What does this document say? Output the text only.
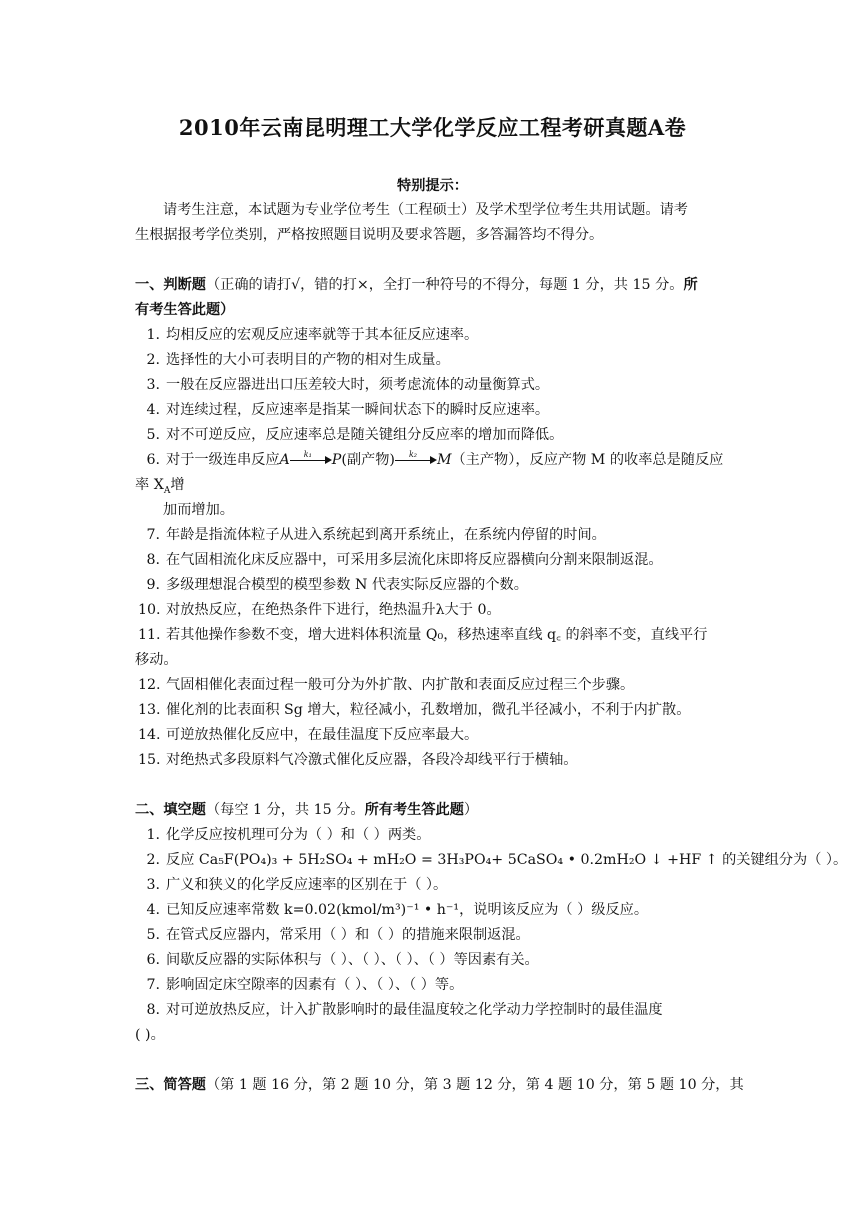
2010年云南昆明理工大学化学反应工程考研真题A卷
特别提示：
请考生注意，本试题为专业学位考生（工程硕士）及学术型学位考生共用试题。请考
生根据报考学位类别，严格按照题目说明及要求答题，多答漏答均不得分。
一、判断题（正确的请打√，错的打×，全打一种符号的不得分，每题 1 分，共 15 分。所
有考生答此题）
1. 均相反应的宏观反应速率就等于其本征反应速率。
2. 选择性的大小可表明目的产物的相对生成量。
3. 一般在反应器进出口压差较大时，须考虑流体的动量衡算式。
4. 对连续过程，反应速率是指某一瞬间状态下的瞬时反应速率。
5. 对不可逆反应，反应速率总是随关键组分反应率的增加而降低。
6. 对于一级连串反应A k₁ P(副产物) k₂ M（主产物），反应产物 M 的收率总是随反应
率 $X_A$增
加而增加。
7. 年龄是指流体粒子从进入系统起到离开系统止，在系统内停留的时间。
8. 在气固相流化床反应器中，可采用多层流化床即将反应器横向分割来限制返混。
9. 多级理想混合模型的模型参数 N 代表实际反应器的个数。
10. 对放热反应，在绝热条件下进行，绝热温升λ大于 0。
11. 若其他操作参数不变，增大进料体积流量 Q₀，移热速率直线 q꜀ 的斜率不变，直线平行
移动。
12. 气固相催化表面过程一般可分为外扩散、内扩散和表面反应过程三个步骤。
13. 催化剂的比表面积 Sg 增大，粒径减小，孔数增加，微孔半径减小，不利于内扩散。
14. 可逆放热催化反应中，在最佳温度下反应率最大。
15. 对绝热式多段原料气冷激式催化反应器，各段冷却线平行于横轴。
二、填空题（每空 1 分，共 15 分。所有考生答此题）
1. 化学反应按机理可分为（ ）和（ ）两类。
2. 反应 Ca₅F(PO₄)₃ + 5H₂SO₄ + mH₂O = 3H₃PO₄+ 5CaSO₄ • 0.2mH₂O ↓ +HF ↑ 的关键组分为（ ）。
3. 广义和狭义的化学反应速率的区别在于（ ）。
4. 已知反应速率常数 k=0.02(kmol/m³)⁻¹ • h⁻¹，说明该反应为（ ）级反应。
5. 在管式反应器内，常采用（ ）和（ ）的措施来限制返混。
6. 间歇反应器的实际体积与（ ）、（ ）、（ ）、（ ）等因素有关。
7. 影响固定床空隙率的因素有（ ）、（ ）、（ ）等。
8. 对可逆放热反应，计入扩散影响时的最佳温度较之化学动力学控制时的最佳温度
( )。
三、简答题（第 1 题 16 分，第 2 题 10 分，第 3 题 12 分，第 4 题 10 分，第 5 题 10 分，其
